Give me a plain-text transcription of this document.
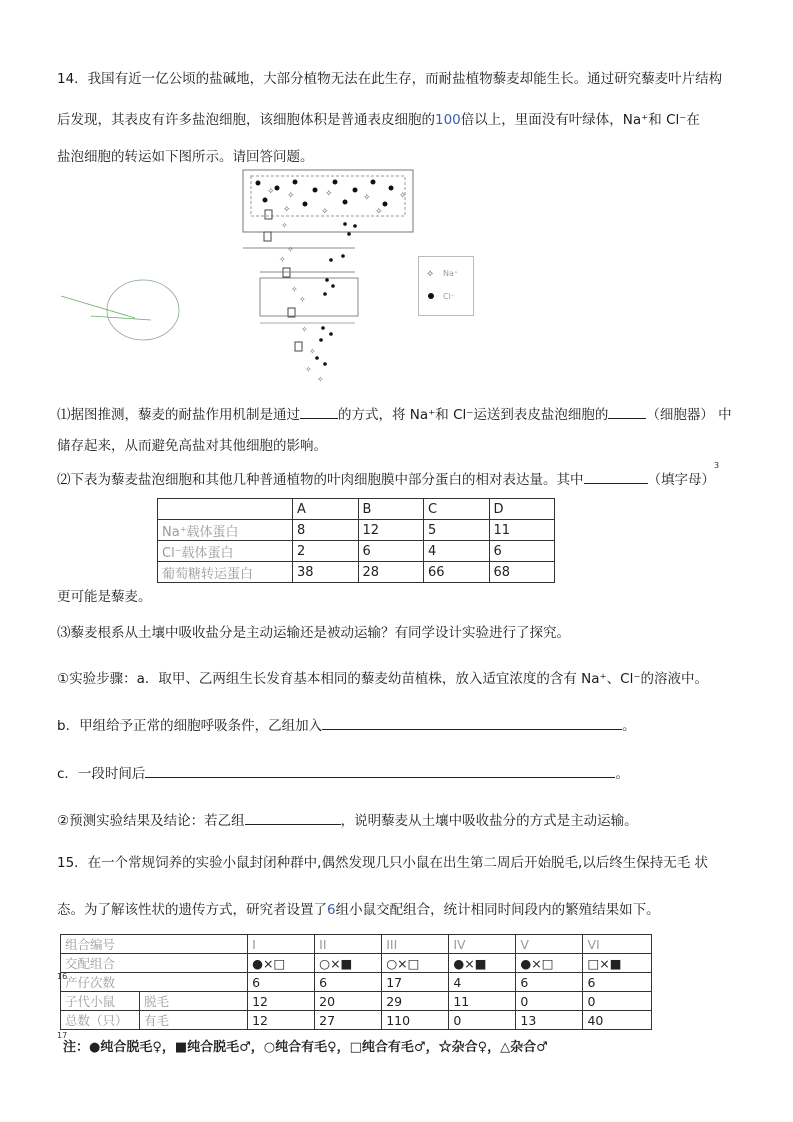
14．我国有近一亿公顷的盐碱地，大部分植物无法在此生存，而耐盐植物藜麦却能生长。通过研究藜麦叶片结构
后发现，其表皮有许多盐泡细胞，该细胞体积是普通表皮细胞的100倍以上，里面没有叶绿体，Na⁺和 Cl⁻在
盐泡细胞的转运如下图所示。请回答问题。
✧ ✧	✧	✧	✧
✧	✧	✧
✧
✧
✧
✧
✧
✧
✧
✧
✧
✧ Na⁺
Cl⁻
⑴据图推测，藜麦的耐盐作用机制是通过	的方式，将 Na⁺和 Cl⁻运送到表皮盐泡细胞的	（细胞器） 中
储存起来，从而避免高盐对其他细胞的影响。
⑵下表为藜麦盐泡细胞和其他几种普通植物的叶肉细胞膜中部分蛋白的相对表达量。其中	（填字母）
3
	A	B	C	D
Na⁺载体蛋白	8	12	5	11
Cl⁻载体蛋白	2	6	4	6
葡萄糖转运蛋白	38	28	66	68
更可能是藜麦。
⑶藜麦根系从土壤中吸收盐分是主动运输还是被动运输？有同学设计实验进行了探究。
①实验步骤：a．取甲、乙两组生长发育基本相同的藜麦幼苗植株，放入适宜浓度的含有 Na⁺、Cl⁻的溶液中。
b．甲组给予正常的细胞呼吸条件，乙组加入	。
c．一段时间后	。
②预测实验结果及结论：若乙组	，说明藜麦从土壤中吸收盐分的方式是主动运输。
15．在一个常规饲养的实验小鼠封闭种群中,偶然发现几只小鼠在出生第二周后开始脱毛,以后终生保持无毛 状
态。为了解该性状的遗传方式，研究者设置了6组小鼠交配组合，统计相同时间段内的繁殖结果如下。
组合编号		I	II	III	IV	V	VI
交配组合		●×□	○×■	○×□	●×■	●×□	□×■
产仔次数		6	6	17	4	6	6
子代小鼠	脱毛	12	20	29	11	0	0
总数（只）	有毛	12	27	110	0	13	40
16
17
注：●纯合脱毛♀，■纯合脱毛♂，○纯合有毛♀，□纯合有毛♂，☆杂合♀，△杂合♂
